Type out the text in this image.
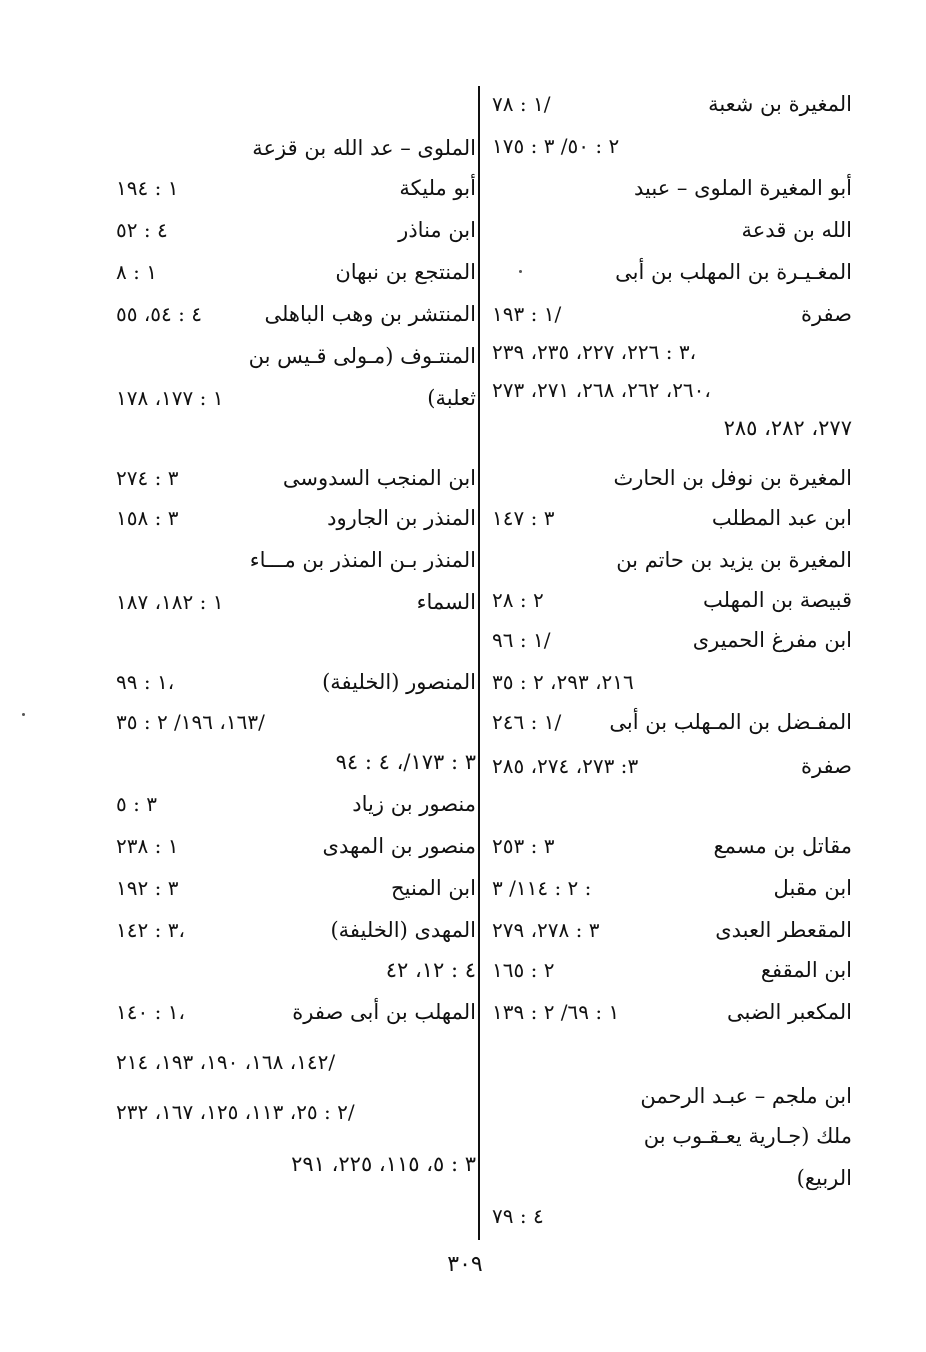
١ : ٧٨/	المغيرة بن شعبة
٢ : ٥٠/ ٣ : ١٧٥
أبو المغيرة الملوى – عبيد
الله بن قدعة
المغـيـرة بن المهلب بن أبى
١ : ١٩٣/	صفرة
٣ : ٢٢٦، ٢٢٧، ٢٣٥، ٢٣٩،
٢٦٠، ٢٦٢، ٢٦٨، ٢٧١، ٢٧٣،
٢٧٧، ٢٨٢، ٢٨٥
المغيرة بن نوفل بن الحارث
٣ : ١٤٧	ابن عبد المطلب
المغيرة بن يزيد بن حاتم بن
٢ : ٢٨	قبيصة بن المهلب
١ : ٩٦/	ابن مفرغ الحميرى
٢١٦، ٢٩٣، ٢ : ٣٥
١ : ٢٤٦/ المفـضل بن المـهلب بن أبى
٣: ٢٧٣، ٢٧٤، ٢٨٥	صفرة
٣ : ٢٥٣	مقاتل بن مسمع
٢ : ١١٤/ ٣ :	ابن مقبل
٣ : ٢٧٨، ٢٧٩	المقعطر العبدى
٢ : ١٦٥	ابن المقفع
١ : ٦٩/ ٢ : ١٣٩	المكعبر الضبى
ابن ملجم – عبـد الرحمن
ملك (جـارية يعـقـوب بن
الربيع)
٤ : ٧٩
الملوى – عد الله بن قزعة
١ : ١٩٤	أبو مليكة
٤ : ٥٢	ابن مناذر
١ : ٨	المنتجع بن نبهان
٤ : ٥٤، ٥٥	المنتشر بن وهب الباهلى
المنتـوف (مـولى قـيس بن
١ : ١٧٧، ١٧٨	ثعلبة)
٣ : ٢٧٤	ابن المنجب السدوسى
٣ : ١٥٨	المنذر بن الجارود
المنذر بـن المنذر بن مـــاء
١ : ١٨٢، ١٨٧	السماء
١ : ٩٩،	المنصور (الخليفة)
١٦٣، ١٩٦/ ٢ : ٣٥/
٣ : ١٧٣/، ٤ : ٩٤
٣ : ٥	منصور بن زياد
١ : ٢٣٨	منصور بن المهدى
٣ : ١٩٢	ابن المنيح
٣ : ١٤٢،	المهدى (الخليفة)
٤ : ١٢، ٤٢
١ : ١٤٠،	المهلب بن أبى صفرة
١٤٢، ١٦٨، ١٩٠، ١٩٣، ٢١٤/
٢ : ٢٥، ١١٣، ١٢٥، ١٦٧، ٢٣٢/
٣ : ٥، ١١٥، ٢٢٥، ٢٩١
٣٠٩
